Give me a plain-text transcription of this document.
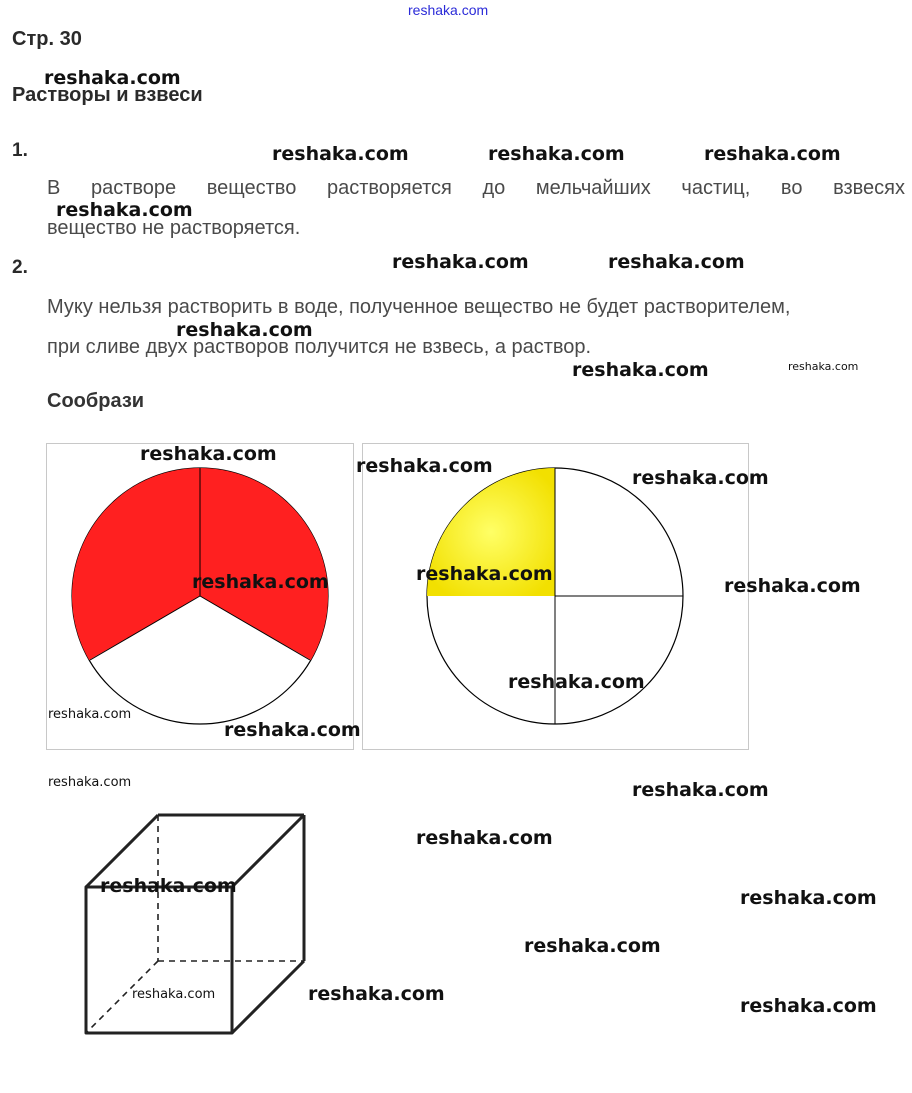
reshaka.com
Стр. 30
Растворы и взвеси
1.
В растворе вещество растворяется до мельчайших частиц, во взвесях
вещество не растворяется.
2.
Муку нельзя растворить в воде, полученное вещество не будет растворителем,
при сливе двух растворов получится не взвесь, а раствор.
Сообрази
reshaka.com
reshaka.com	reshaka.com	reshaka.com
reshaka.com
reshaka.com	reshaka.com
reshaka.com
reshaka.com	reshaka.com
reshaka.com
reshaka.com
reshaka.com
reshaka.com	reshaka.com
reshaka.com
reshaka.com
reshaka.com
reshaka.com
reshaka.com	reshaka.com
reshaka.com
reshaka.com
reshaka.com
reshaka.com
reshaka.com	reshaka.com
reshaka.com
